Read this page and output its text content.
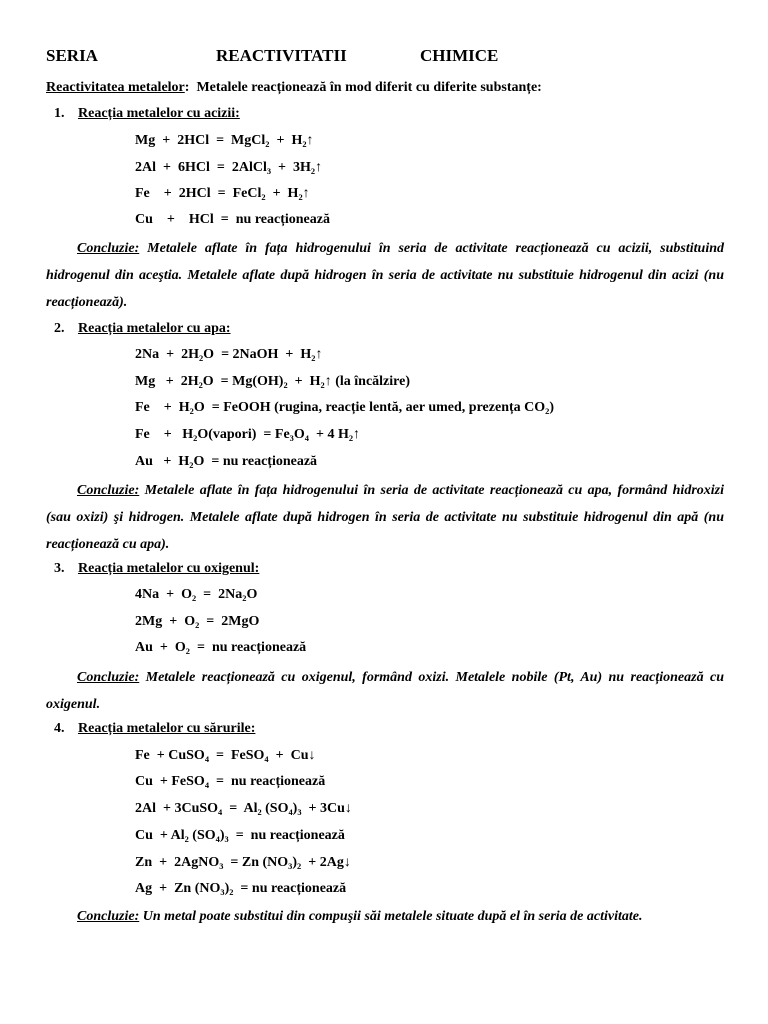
SERIA	REACTIVITATII	CHIMICE
Reactivitatea metalelor: Metalele reacționează în mod diferit cu diferite substanțe:
1. Reacția metalelor cu acizii:
Mg  +  2HCl  =  MgCl₂  +  H₂↑
2Al  +  6HCl  =  2AlCl₃  +  3H₂↑
Fe    +  2HCl  =  FeCl₂  +  H₂↑
Cu    +    HCl  =  nu reacționează
Concluzie: Metalele aflate în fața hidrogenului în seria de activitate reacționează cu acizii, substituind hidrogenul din aceştia. Metalele aflate după hidrogen în seria de activitate nu substituie hidrogenul din acizi (nu reacționează).
2. Reacția metalelor cu apa:
2Na  +  2H₂O  = 2NaOH  +  H₂↑
Mg   +  2H₂O  = Mg(OH)₂  +  H₂↑ (la încălzire)
Fe    +  H₂O  = FeOOH (rugina, reacție lentă, aer umed, prezența CO₂)
Fe    +   H₂O(vapori)  = Fe₃O₄  + 4 H₂↑
Au   +  H₂O  = nu reacționează
Concluzie: Metalele aflate în fața hidrogenului în seria de activitate reacționează cu apa, formând hidroxizi (sau oxizi) şi hidrogen. Metalele aflate după hidrogen în seria de activitate nu substituie hidrogenul din apă (nu reacționează cu apa).
3. Reacția metalelor cu oxigenul:
4Na  +  O₂  =  2Na₂O
2Mg  +  O₂  =  2MgO
Au  +  O₂  =  nu reacționează
Concluzie: Metalele reacționează cu oxigenul, formând oxizi. Metalele nobile (Pt, Au) nu reacționează cu oxigenul.
4. Reacția metalelor cu sărurile:
Fe  + CuSO₄  =  FeSO₄  +  Cu↓
Cu  + FeSO₄  =  nu reacționează
2Al  + 3CuSO₄  =  Al₂ (SO₄)₃  + 3Cu↓
Cu  + Al₂ (SO₄)₃  =  nu reacționează
Zn  +  2AgNO₃  = Zn (NO₃)₂  + 2Ag↓
Ag  +  Zn (NO₃)₂  = nu reacționează
Concluzie: Un metal poate substitui din compuşii săi metalele situate după el în seria de activitate.
